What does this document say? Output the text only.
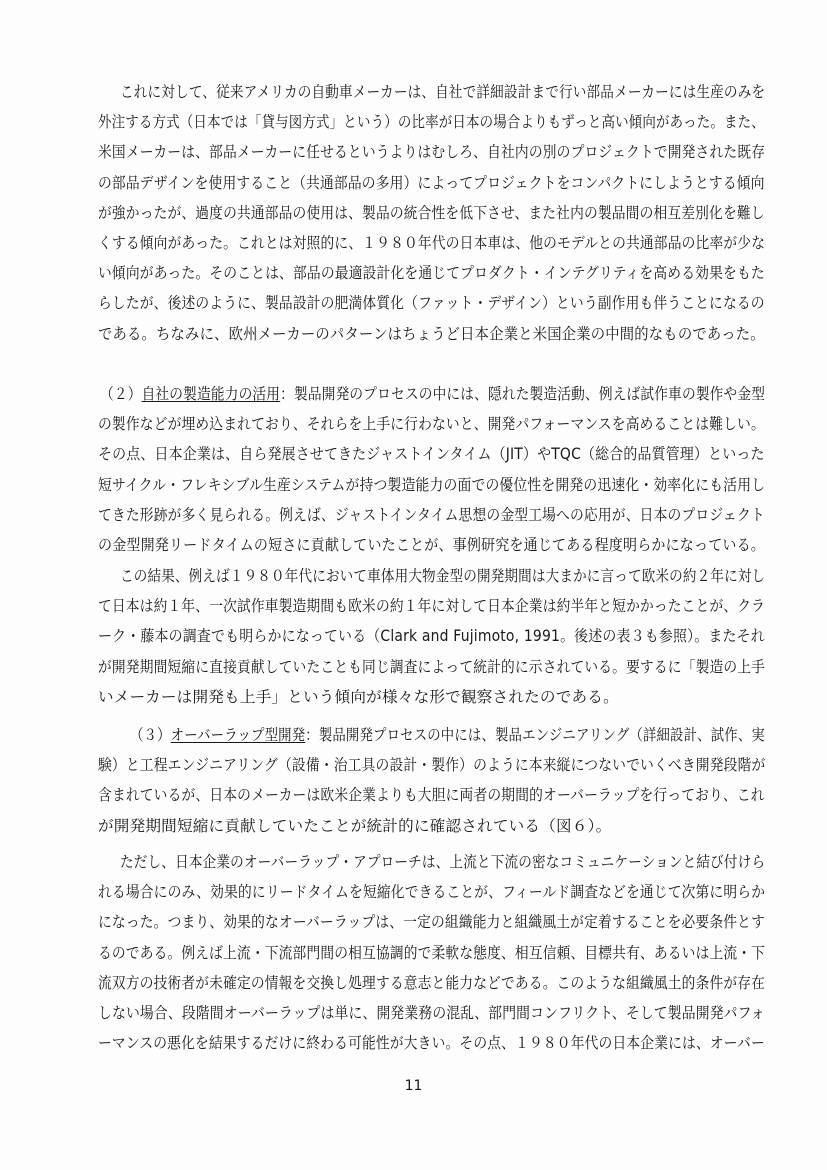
これに対して、従来アメリカの自動車メーカーは、自社で詳細設計まで行い部品メーカーには生産のみを
外注する方式（日本では「貸与図方式」という）の比率が日本の場合よりもずっと高い傾向があった。また、
米国メーカーは、部品メーカーに任せるというよりはむしろ、自社内の別のプロジェクトで開発された既存
の部品デザインを使用すること（共通部品の多用）によってプロジェクトをコンパクトにしようとする傾向
が強かったが、過度の共通部品の使用は、製品の統合性を低下させ、また社内の製品間の相互差別化を難し
くする傾向があった。これとは対照的に、１９８０年代の日本車は、他のモデルとの共通部品の比率が少な
い傾向があった。そのことは、部品の最適設計化を通じてプロダクト・インテグリティを高める効果をもた
らしたが、後述のように、製品設計の肥満体質化（ファット・デザイン）という副作用も伴うことになるの
である。ちなみに、欧州メーカーのパターンはちょうど日本企業と米国企業の中間的なものであった。
（２）自社の製造能力の活用：製品開発のプロセスの中には、隠れた製造活動、例えば試作車の製作や金型
の製作などが埋め込まれており、それらを上手に行わないと、開発パフォーマンスを高めることは難しい。
その点、日本企業は、自ら発展させてきたジャストインタイム（JIT）やTQC（総合的品質管理）といった
短サイクル・フレキシブル生産システムが持つ製造能力の面での優位性を開発の迅速化・効率化にも活用し
てきた形跡が多く見られる。例えば、ジャストインタイム思想の金型工場への応用が、日本のプロジェクト
の金型開発リードタイムの短さに貢献していたことが、事例研究を通じてある程度明らかになっている。
この結果、例えば１９８０年代において車体用大物金型の開発期間は大まかに言って欧米の約２年に対し
て日本は約１年、一次試作車製造期間も欧米の約１年に対して日本企業は約半年と短かかったことが、クラ
ーク・藤本の調査でも明らかになっている（Clark and Fujimoto, 1991。後述の表３も参照）。またそれ
が開発期間短縮に直接貢献していたことも同じ調査によって統計的に示されている。要するに「製造の上手
いメーカーは開発も上手」という傾向が様々な形で観察されたのである。
（３）オーバーラップ型開発：製品開発プロセスの中には、製品エンジニアリング（詳細設計、試作、実
験）と工程エンジニアリング（設備・治工具の設計・製作）のように本来縦につないでいくべき開発段階が
含まれているが、日本のメーカーは欧米企業よりも大胆に両者の期間的オーバーラップを行っており、これ
が開発期間短縮に貢献していたことが統計的に確認されている（図６）。
ただし、日本企業のオーバーラップ・アプローチは、上流と下流の密なコミュニケーションと結び付けら
れる場合にのみ、効果的にリードタイムを短縮化できることが、フィールド調査などを通じて次第に明らか
になった。つまり、効果的なオーバーラップは、一定の組織能力と組織風土が定着することを必要条件とす
るのである。例えば上流・下流部門間の相互協調的で柔軟な態度、相互信頼、目標共有、あるいは上流・下
流双方の技術者が未確定の情報を交換し処理する意志と能力などである。このような組織風土的条件が存在
しない場合、段階間オーバーラップは単に、開発業務の混乱、部門間コンフリクト、そして製品開発パフォ
ーマンスの悪化を結果するだけに終わる可能性が大きい。その点、１９８０年代の日本企業には、オーバー
11
